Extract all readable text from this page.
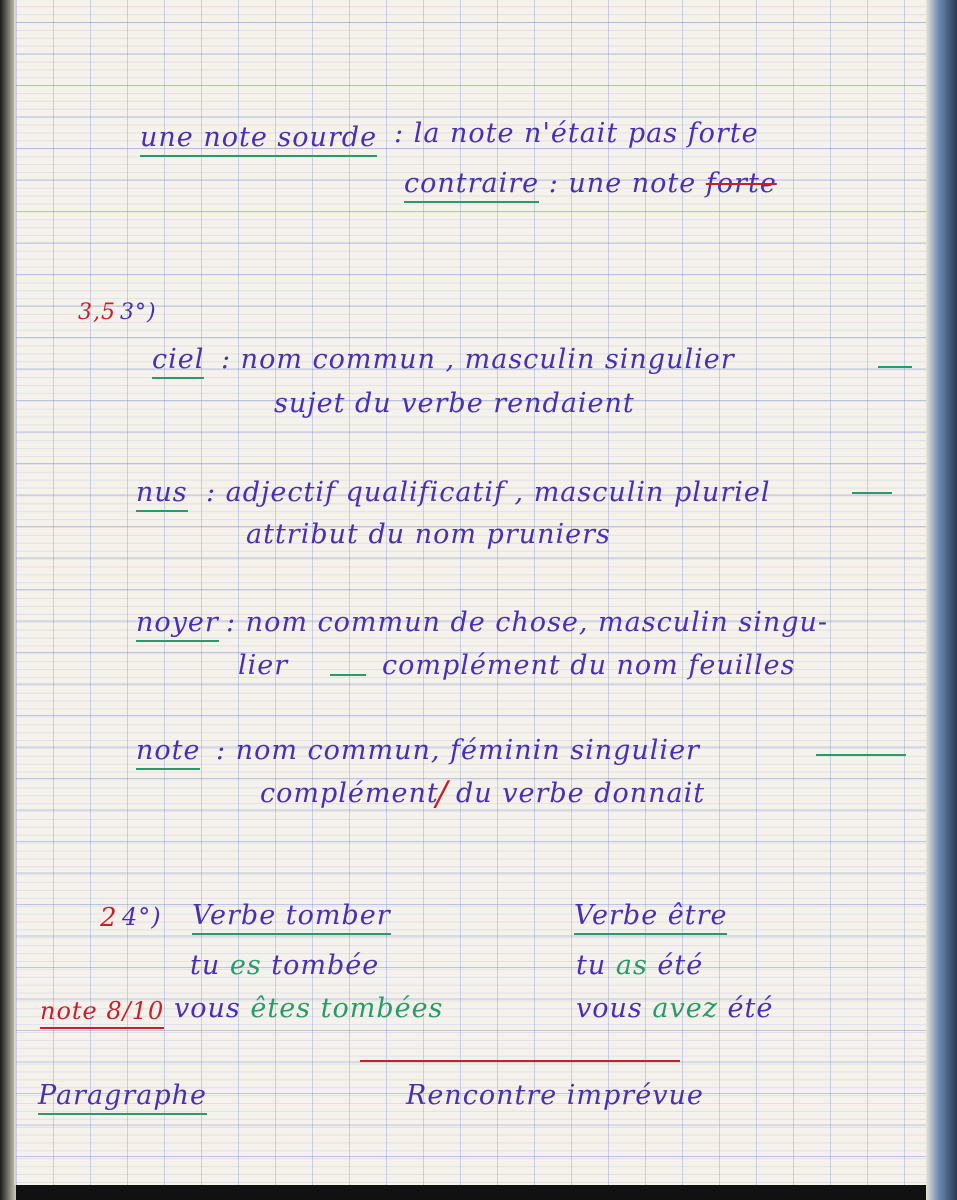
une note sourde : la note n'était pas forte
contraire : une note forte
3,5 3°)
ciel : nom commun , masculin singulier
sujet du verbe rendaient
nus : adjectif qualificatif , masculin pluriel
attribut du nom pruniers
noyer : nom commun de chose, masculin singu-
lier	complément du nom feuilles
note : nom commun, féminin singulier
complément
/ du verbe donnait
2 4°) Verbe tomber
tu es tombée
vous êtes tombées
Verbe être
tu as été
vous avez été
note 8/10
Paragraphe	Rencontre imprévue
